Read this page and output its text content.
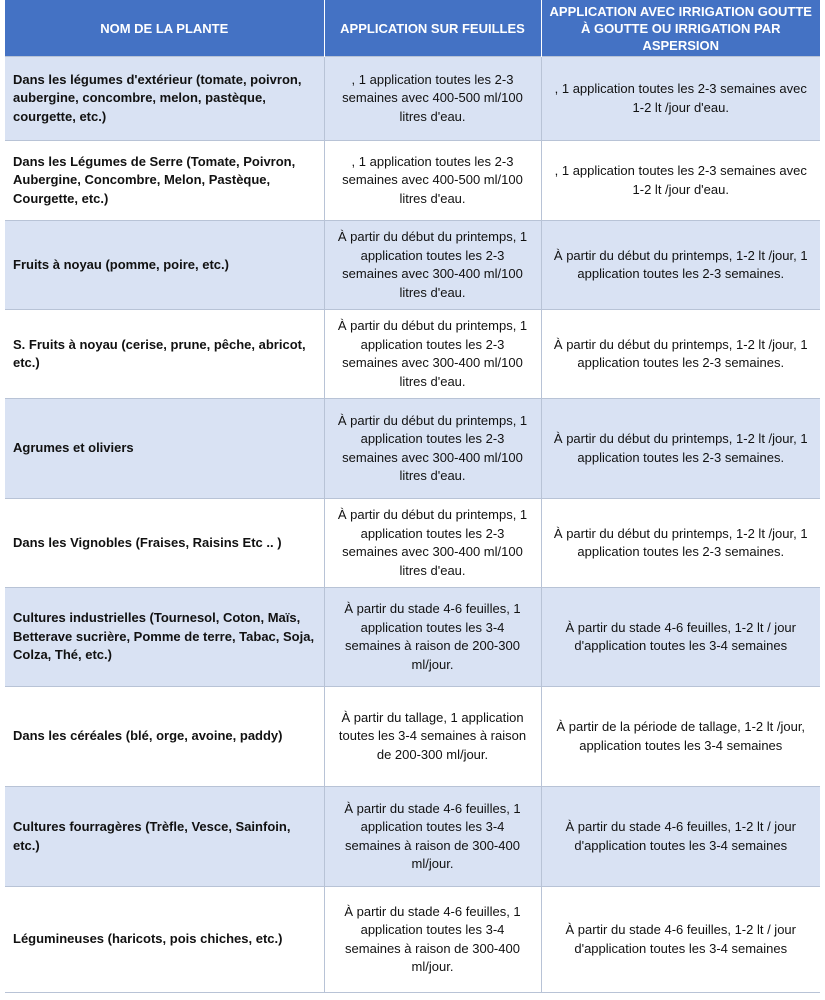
NOM DE LA PLANTE	APPLICATION SUR FEUILLES	APPLICATION AVEC IRRIGATION GOUTTE À GOUTTE OU IRRIGATION PAR ASPERSION
Dans les légumes d'extérieur (tomate, poivron, aubergine, concombre, melon, pastèque, courgette, etc.)	, 1 application toutes les 2-3 semaines avec 400-500 ml/100 litres d'eau.	, 1 application toutes les 2-3 semaines avec 1-2 lt /jour d'eau.
Dans les Légumes de Serre (Tomate, Poivron, Aubergine, Concombre, Melon, Pastèque, Courgette, etc.)	, 1 application toutes les 2-3 semaines avec 400-500 ml/100 litres d'eau.	, 1 application toutes les 2-3 semaines avec 1-2 lt /jour d'eau.
Fruits à noyau (pomme, poire, etc.)	À partir du début du printemps, 1 application toutes les 2-3 semaines avec 300-400 ml/100 litres d'eau.	À partir du début du printemps, 1-2 lt /jour, 1 application toutes les 2-3 semaines.
S. Fruits à noyau (cerise, prune, pêche, abricot, etc.)	À partir du début du printemps, 1 application toutes les 2-3 semaines avec 300-400 ml/100 litres d'eau.	À partir du début du printemps, 1-2 lt /jour, 1 application toutes les 2-3 semaines.
Agrumes et oliviers	À partir du début du printemps, 1 application toutes les 2-3 semaines avec 300-400 ml/100 litres d'eau.	À partir du début du printemps, 1-2 lt /jour, 1 application toutes les 2-3 semaines.
Dans les Vignobles (Fraises, Raisins Etc .. )	À partir du début du printemps, 1 application toutes les 2-3 semaines avec 300-400 ml/100 litres d'eau.	À partir du début du printemps, 1-2 lt /jour, 1 application toutes les 2-3 semaines.
Cultures industrielles (Tournesol, Coton, Maïs, Betterave sucrière, Pomme de terre, Tabac, Soja, Colza, Thé, etc.)	À partir du stade 4-6 feuilles, 1 application toutes les 3-4 semaines à raison de 200-300 ml/jour.	À partir du stade 4-6 feuilles, 1-2 lt / jour d'application toutes les 3-4 semaines
Dans les céréales (blé, orge, avoine, paddy)	À partir du tallage, 1 application toutes les 3-4 semaines à raison de 200-300 ml/jour.	À partir de la période de tallage, 1-2 lt /jour, application toutes les 3-4 semaines
Cultures fourragères (Trèfle, Vesce, Sainfoin, etc.)	À partir du stade 4-6 feuilles, 1 application toutes les 3-4 semaines à raison de 300-400 ml/jour.	À partir du stade 4-6 feuilles, 1-2 lt / jour d'application toutes les 3-4 semaines
Légumineuses (haricots, pois chiches, etc.)	À partir du stade 4-6 feuilles, 1 application toutes les 3-4 semaines à raison de 300-400 ml/jour.	À partir du stade 4-6 feuilles, 1-2 lt / jour d'application toutes les 3-4 semaines
